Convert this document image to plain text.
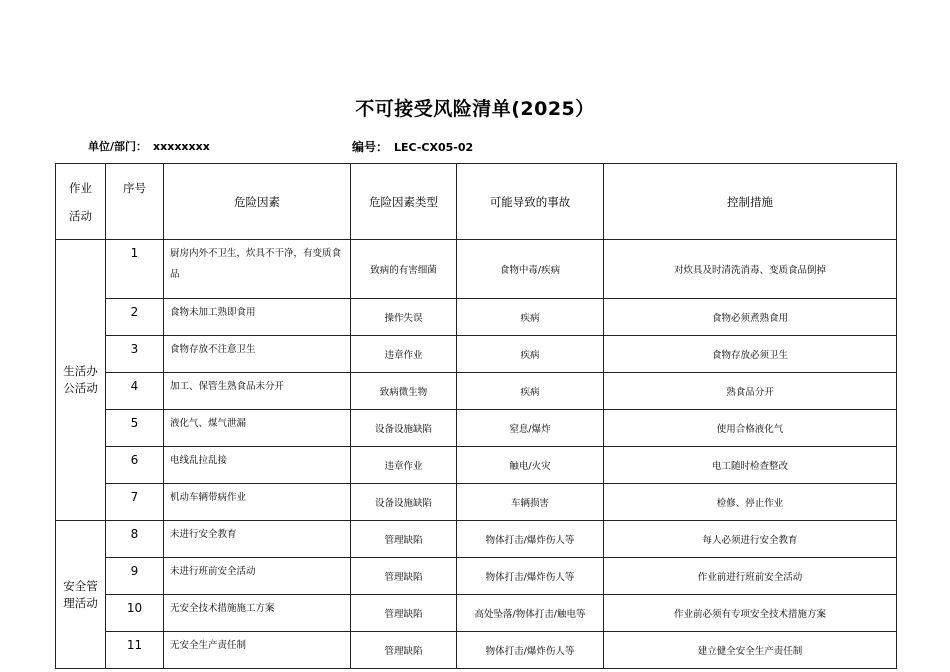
不可接受风险清单(2025）
单位/部门： xxxxxxxx	编号： LEC-CX05-02
作业
活动	序号	危险因素	危险因素类型	可能导致的事故	控制措施
生活办公活动	1	厨房内外不卫生，炊具不干净，有变质食品	致病的有害细菌	食物中毒/疾病	对炊具及时清洗消毒、变质食品倒掉
	2	食物未加工熟即食用	操作失误	疾病	食物必须煮熟食用
	3	食物存放不注意卫生	违章作业	疾病	食物存放必须卫生
	4	加工、保管生熟食品未分开	致病微生物	疾病	熟食品分开
	5	液化气、煤气泄漏	设备设施缺陷	窒息/爆炸	使用合格液化气
	6	电线乱拉乱接	违章作业	触电/火灾	电工随时检查整改
	7	机动车辆带病作业	设备设施缺陷	车辆损害	检修、停止作业
安全管理活动	8	未进行安全教育	管理缺陷	物体打击/爆炸伤人等	每人必须进行安全教育
	9	未进行班前安全活动	管理缺陷	物体打击/爆炸伤人等	作业前进行班前安全活动
	10	无安全技术措施施工方案	管理缺陷	高处坠落/物体打击/触电等	作业前必须有专项安全技术措施方案
	11	无安全生产责任制	管理缺陷	物体打击/爆炸伤人等	建立健全安全生产责任制
